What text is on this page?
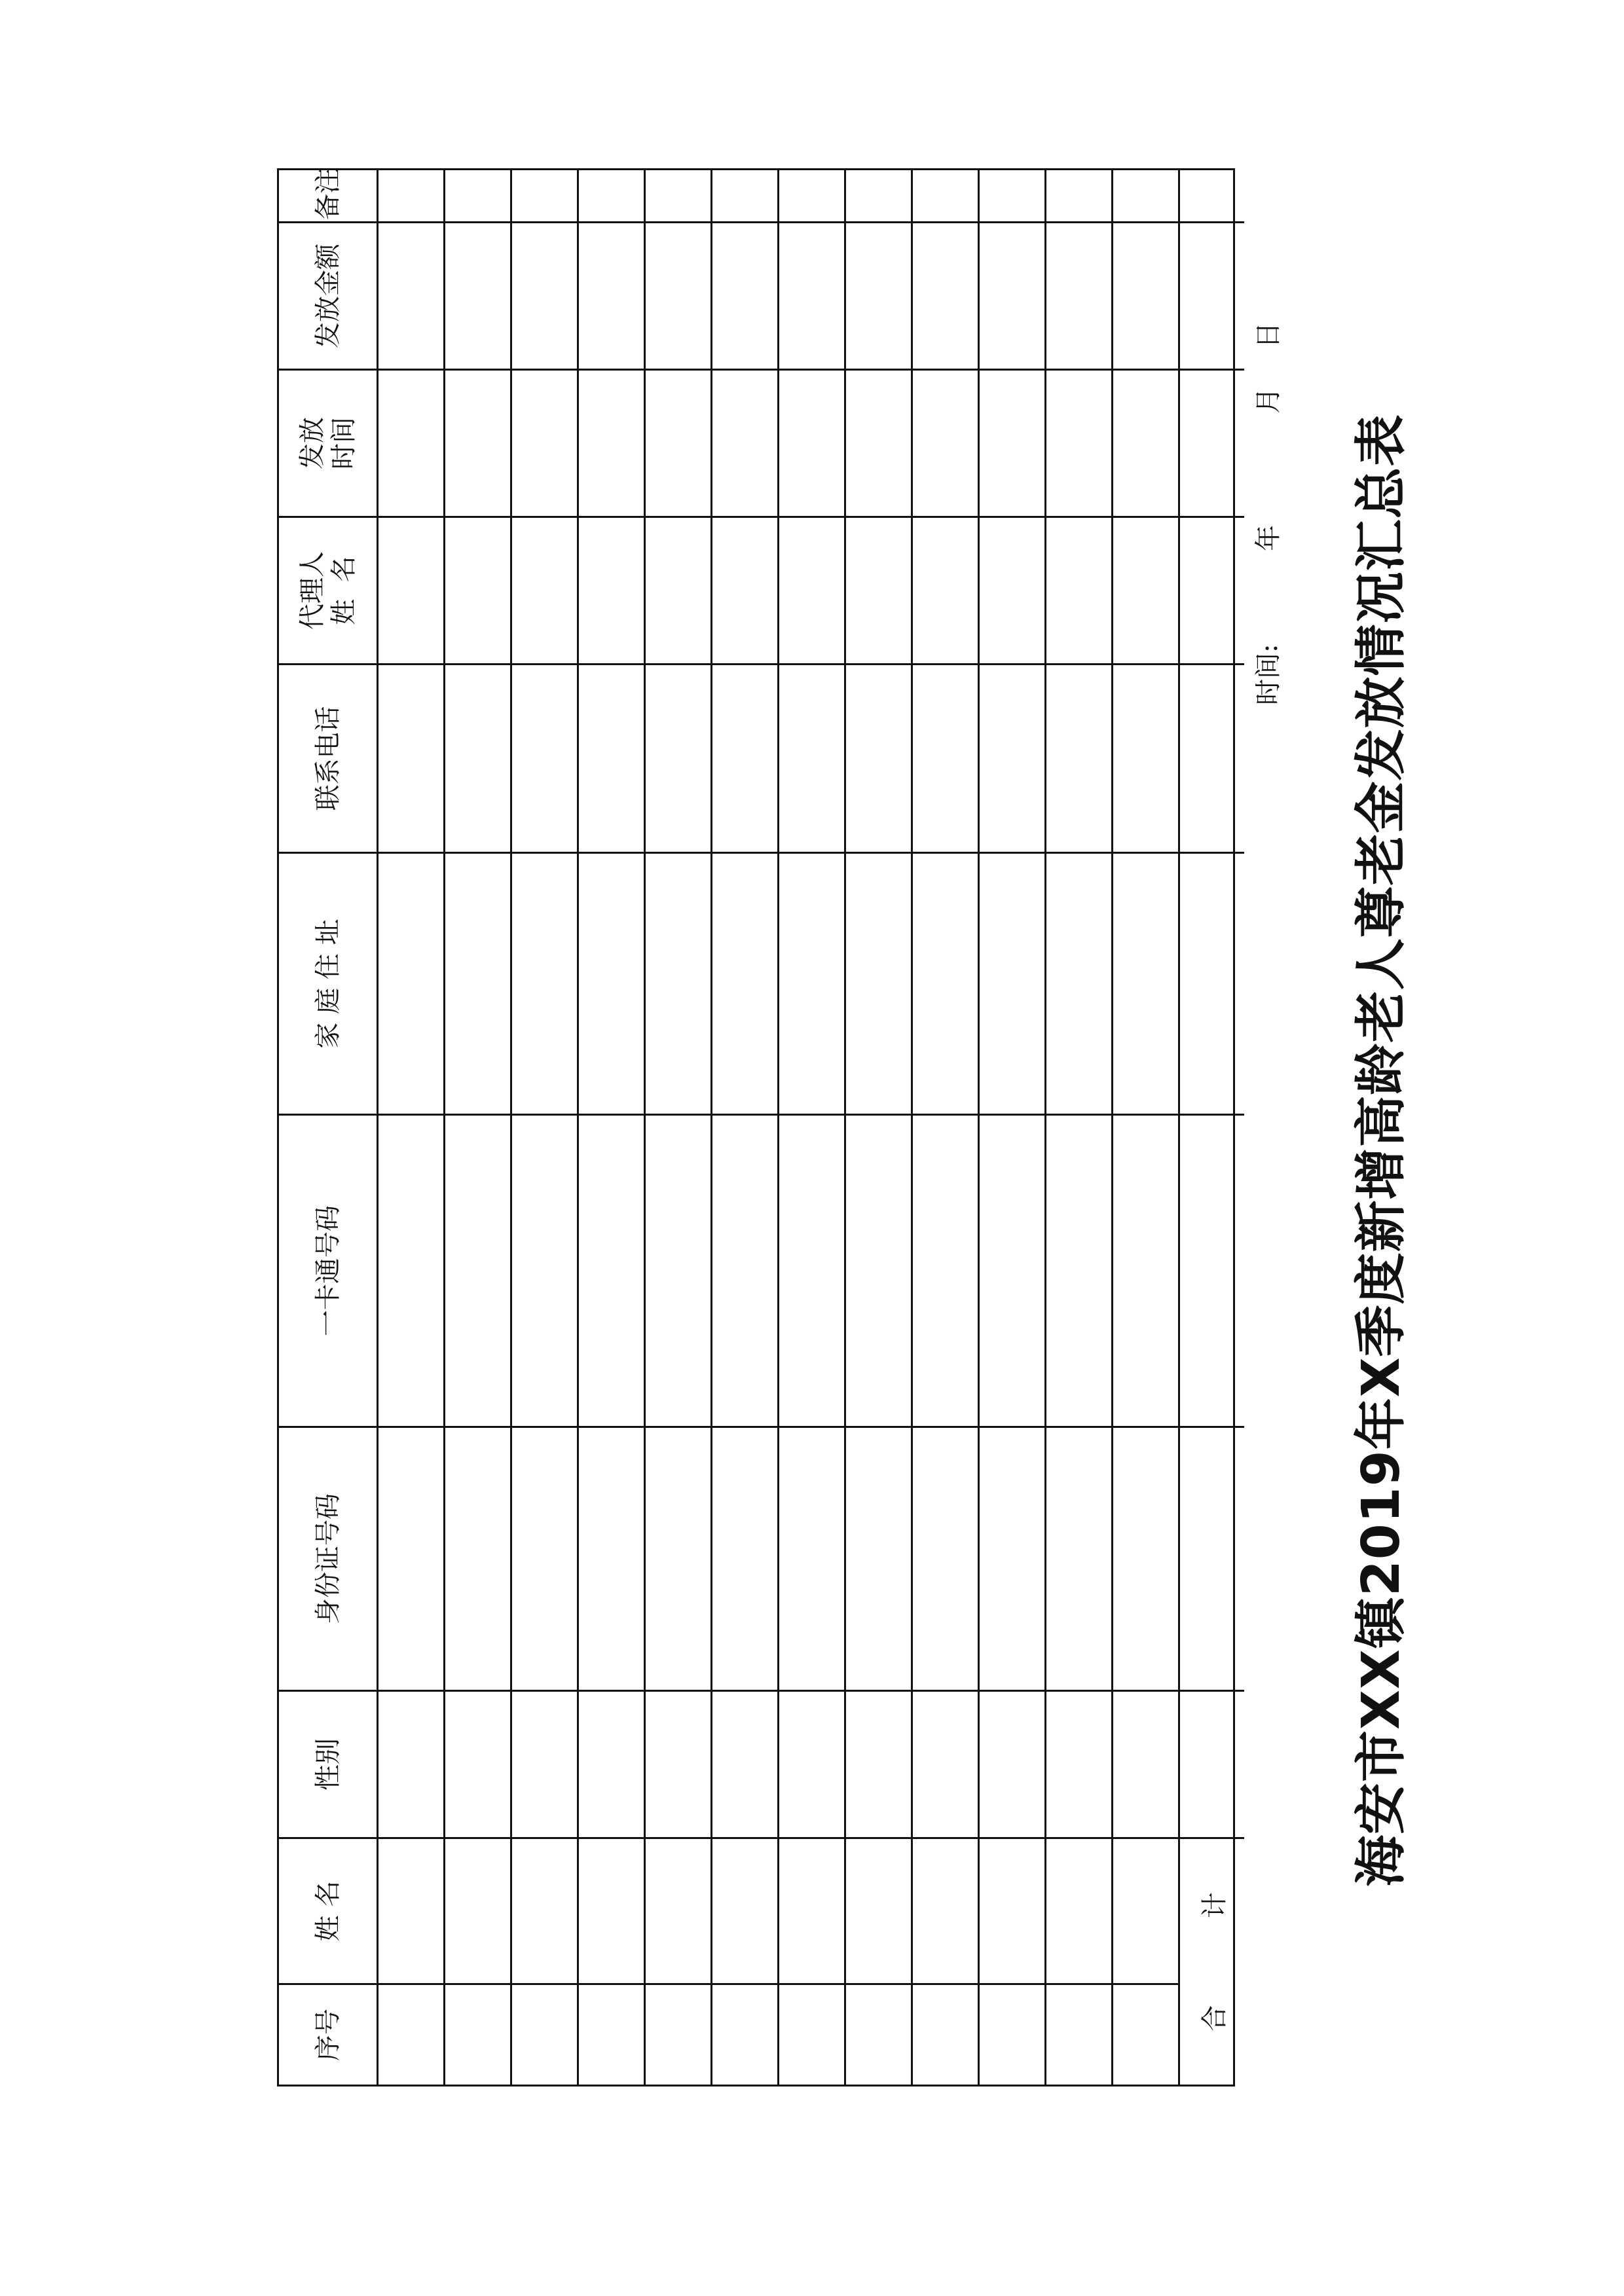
海安市XX镇2019年X季度新增高龄老人尊老金发放情况汇总表
时间:
年
月
日
序号
姓 名
性别
身份证号码
一卡通号码
家 庭 住 址
联系电话
代理人
姓  名
发放
时间
发放金额
备注
合 计
